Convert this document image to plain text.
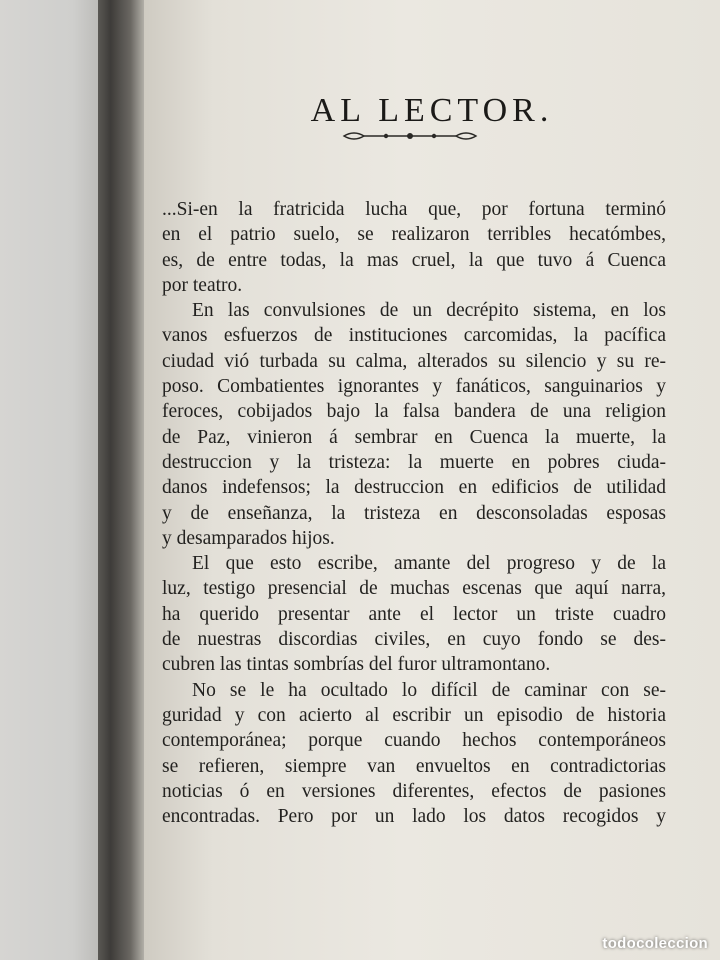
AL LECTOR.
...Si-en la fratricida lucha que, por fortuna terminó
en el patrio suelo, se realizaron terribles hecatómbes,
es, de entre todas, la mas cruel, la que tuvo á Cuenca
por teatro.
En las convulsiones de un decrépito sistema, en los
vanos esfuerzos de instituciones carcomidas, la pacífica
ciudad vió turbada su calma, alterados su silencio y su re-
poso. Combatientes ignorantes y fanáticos, sanguinarios y
feroces, cobijados bajo la falsa bandera de una religion
de Paz, vinieron á sembrar en Cuenca la muerte, la
destruccion y la tristeza: la muerte en pobres ciuda-
danos indefensos; la destruccion en edificios de utilidad
y de enseñanza, la tristeza en desconsoladas esposas
y desamparados hijos.
El que esto escribe, amante del progreso y de la
luz, testigo presencial de muchas escenas que aquí narra,
ha querido presentar ante el lector un triste cuadro
de nuestras discordias civiles, en cuyo fondo se des-
cubren las tintas sombrías del furor ultramontano.
No se le ha ocultado lo difícil de caminar con se-
guridad y con acierto al escribir un episodio de historia
contemporánea; porque cuando hechos contemporáneos
se refieren, siempre van envueltos en contradictorias
noticias ó en versiones diferentes, efectos de pasiones
encontradas. Pero por un lado los datos recogidos y
todocoleccion
